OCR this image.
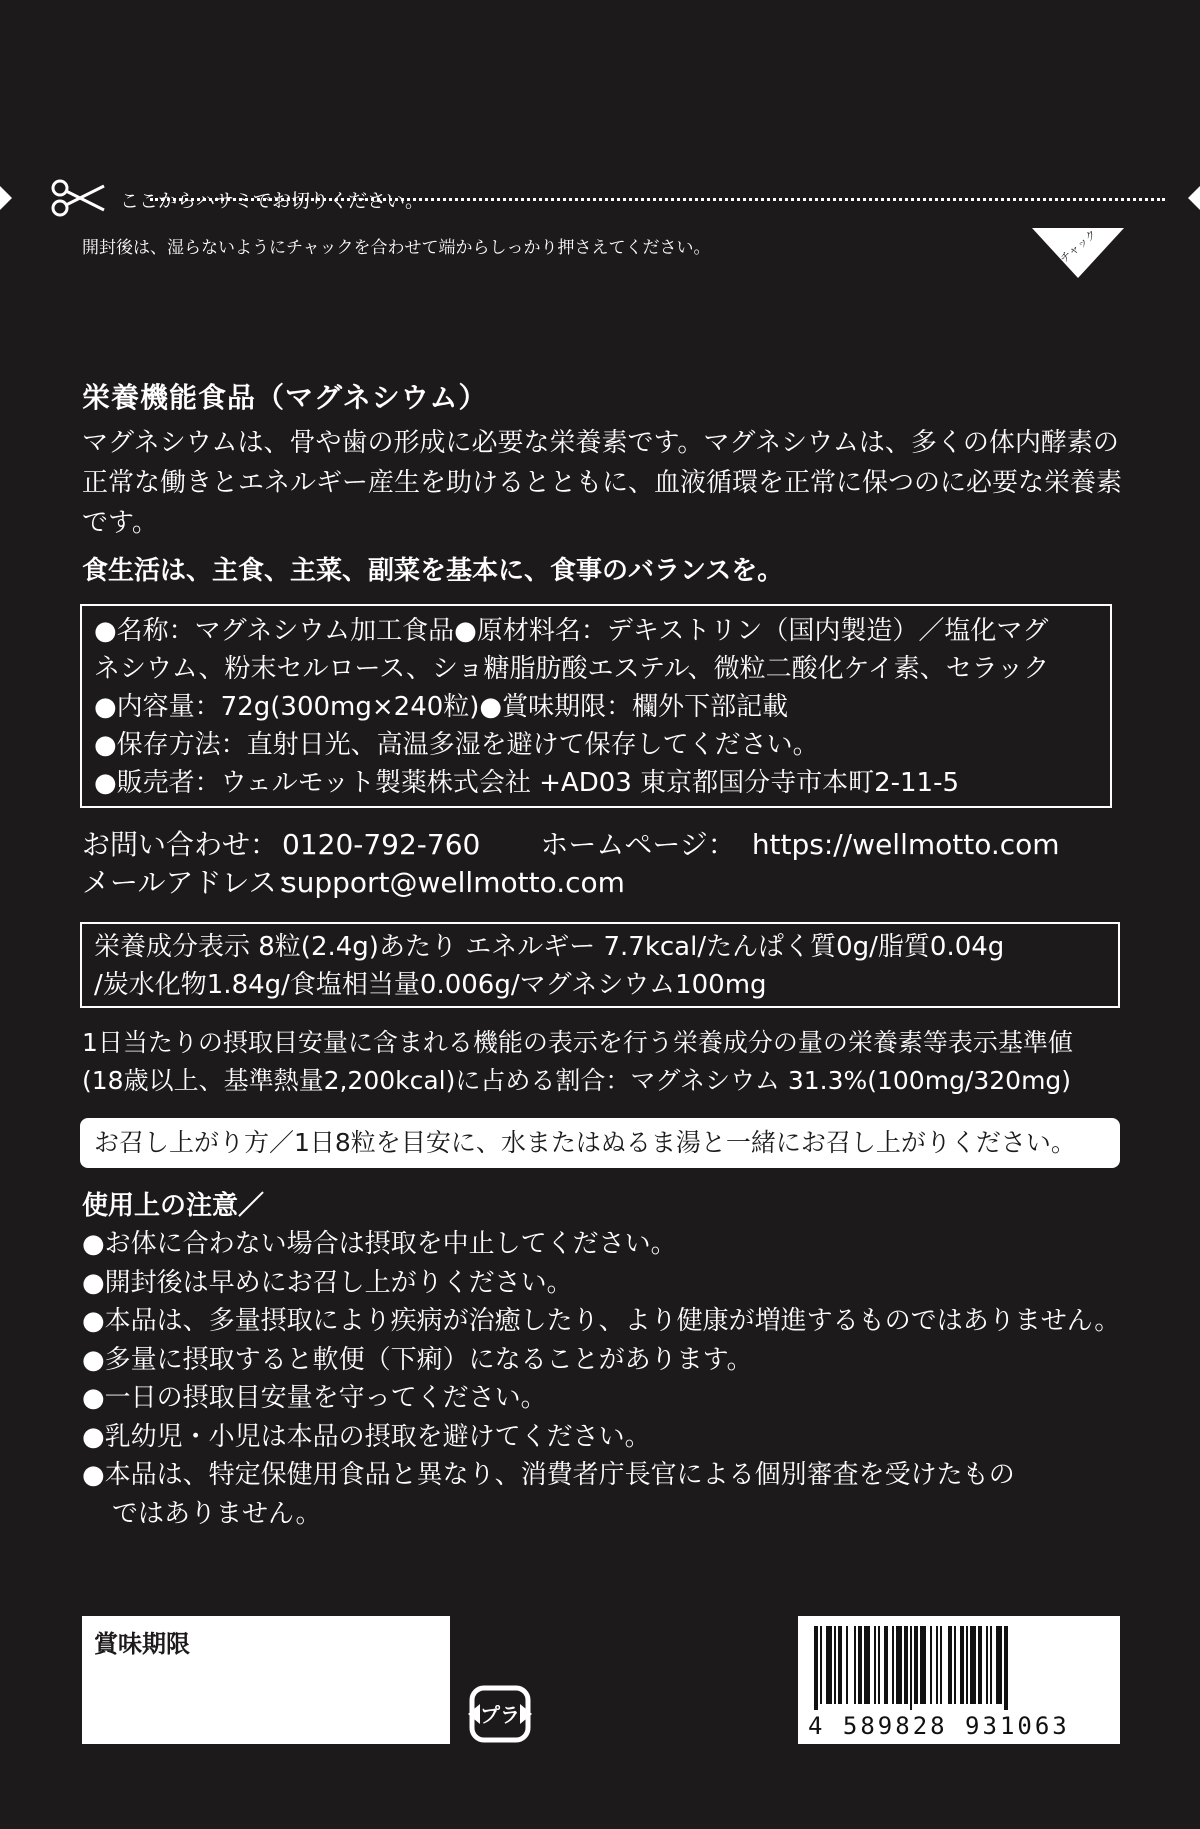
ここからハサミでお切りください。
開封後は、湿らないようにチャックを合わせて端からしっかり押さえてください。	チャック
栄養機能食品（マグネシウム）
マグネシウムは、骨や歯の形成に必要な栄養素です。マグネシウムは、多くの体内酵素の正常な働きとエネルギー産生を助けるとともに、血液循環を正常に保つのに必要な栄養素です。
食生活は、主食、主菜、副菜を基本に、食事のバランスを。
●名称：マグネシウム加工食品●原材料名：デキストリン（国内製造）／塩化マグ
ネシウム、粉末セルロース、ショ糖脂肪酸エステル、微粒二酸化ケイ素、セラック
●内容量：72g(300mg×240粒)●賞味期限：欄外下部記載
●保存方法：直射日光、高温多湿を避けて保存してください。
●販売者：ウェルモット製薬株式会社 +AD03 東京都国分寺市本町2-11-5
お問い合わせ： 0120-792-760 ホームページ： https://wellmotto.com
メールアドレス：
support@wellmotto.com
栄養成分表示 8粒(2.4g)あたり エネルギー 7.7kcal/たんぱく質0g/脂質0.04g
/炭水化物1.84g/食塩相当量0.006g/マグネシウム100mg
1日当たりの摂取目安量に含まれる機能の表示を行う栄養成分の量の栄養素等表示基準値
(18歳以上、基準熱量2,200kcal)に占める割合：マグネシウム 31.3%(100mg/320mg)
お召し上がり方／1日8粒を目安に、水またはぬるま湯と一緒にお召し上がりください。
使用上の注意／
●お体に合わない場合は摂取を中止してください。
●開封後は早めにお召し上がりください。
●本品は、多量摂取により疾病が治癒したり、より健康が増進するものではありません。
●多量に摂取すると軟便（下痢）になることがあります。
●一日の摂取目安量を守ってください。
●乳幼児・小児は本品の摂取を避けてください。
●本品は、特定保健用食品と異なり、消費者庁長官による個別審査を受けたもの
ではありません。
賞味期限
プラ	4 589828 931063
